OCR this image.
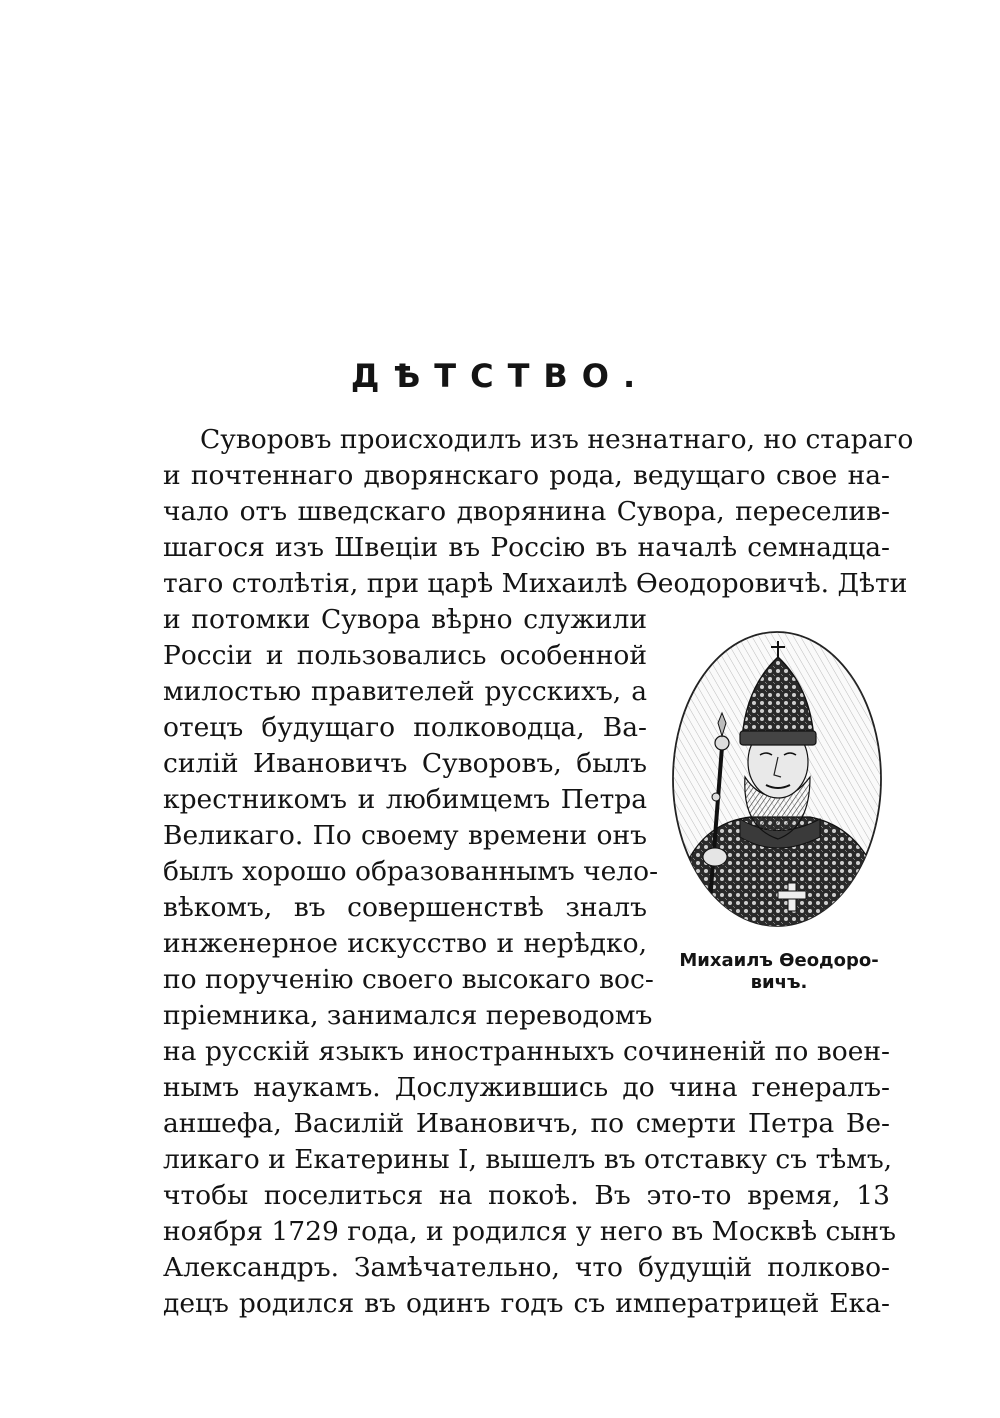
ДѢТСТВО.
Суворовъ происходилъ изъ незнатнаго, но стараго
и почтеннаго дворянскаго рода, ведущаго свое на-
чало отъ шведскаго дворянина Сувора, переселив-
шагося изъ Швеціи въ Россію въ началѣ семнадца-
таго столѣтія, при царѣ Михаилѣ Ѳеодоровичѣ. Дѣти
и потомки Сувора вѣрно служили
Россіи и пользовались особенной
милостью правителей русскихъ, а
отецъ будущаго полководца, Ва-
силій Ивановичъ Суворовъ, былъ
крестникомъ и любимцемъ Петра
Великаго. По своему времени онъ
былъ хорошо образованнымъ чело-
вѣкомъ, въ совершенствѣ зналъ
инженерное искусство и нерѣдко,
по порученію своего высокаго вос-
пріемника, занимался переводомъ
на русскій языкъ иностранныхъ сочиненій по воен-
нымъ наукамъ. Дослужившись до чина генералъ-
аншефа, Василій Ивановичъ, по смерти Петра Ве-
ликаго и Екатерины I, вышелъ въ отставку съ тѣмъ,
чтобы поселиться на покоѣ. Въ это-то время, 13
ноября 1729 года, и родился у него въ Москвѣ сынъ
Александръ. Замѣчательно, что будущій полково-
децъ родился въ одинъ годъ съ императрицей Ека-
Михаилъ Ѳеодоро-
вичъ.
